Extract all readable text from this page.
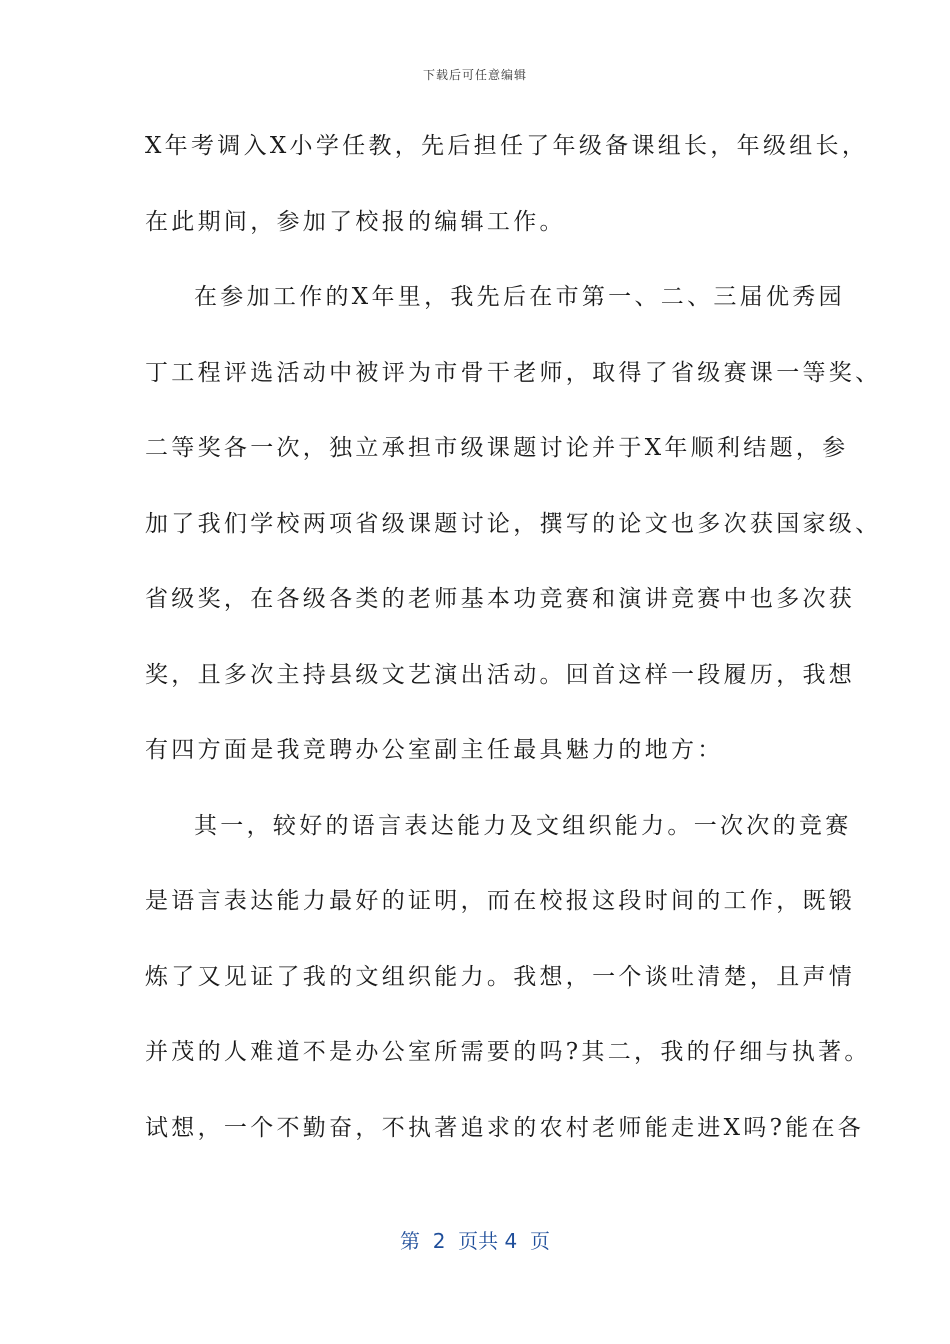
下载后可任意编辑
X年考调入X小学任教，先后担任了年级备课组长，年级组长，
在此期间，参加了校报的编辑工作。
在参加工作的X年里，我先后在市第一、二、三届优秀园
丁工程评选活动中被评为市骨干老师，取得了省级赛课一等奖、
二等奖各一次，独立承担市级课题讨论并于X年顺利结题，参
加了我们学校两项省级课题讨论，撰写的论文也多次获国家级、
省级奖，在各级各类的老师基本功竞赛和演讲竞赛中也多次获
奖，且多次主持县级文艺演出活动。回首这样一段履历，我想
有四方面是我竞聘办公室副主任最具魅力的地方：
其一，较好的语言表达能力及文组织能力。一次次的竞赛
是语言表达能力最好的证明，而在校报这段时间的工作，既锻
炼了又见证了我的文组织能力。我想，一个谈吐清楚，且声情
并茂的人难道不是办公室所需要的吗?其二，我的仔细与执著。
试想，一个不勤奋，不执著追求的农村老师能走进X吗?能在各
第  2  页共 4  页
